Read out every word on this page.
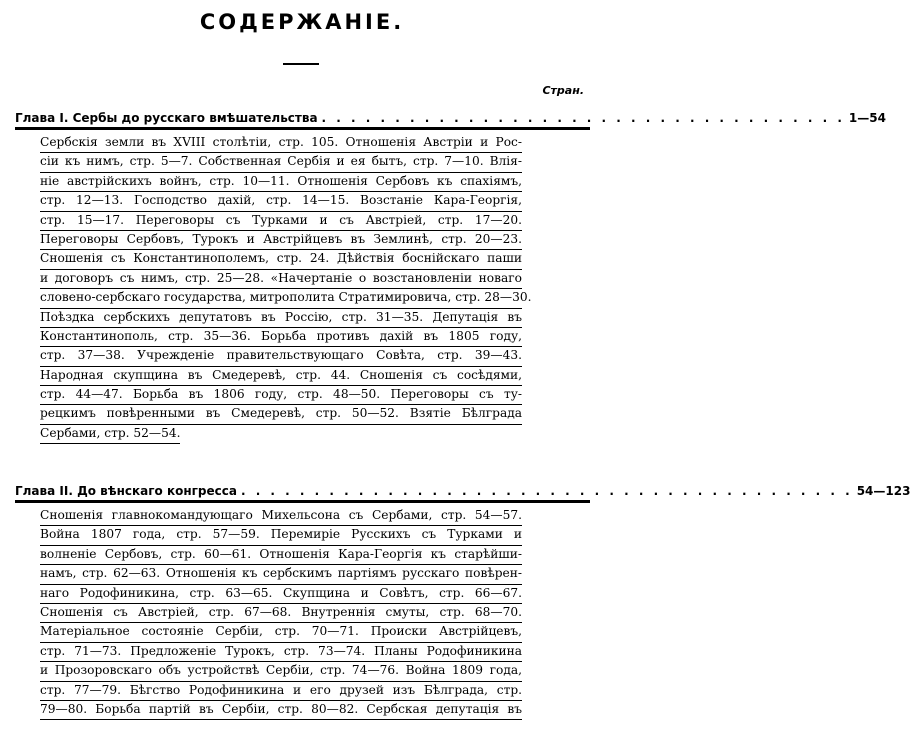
СОДЕРЖАНІЕ.
Стран.
Глава I. Сербы до русскаго вмѣшательства . . . . . . . . . . . . . . . . . . . . . . . . . . . . . . . . . . . . 1—54
Сербскія земли въ XVIII столѣтіи, стр. 105. Отношенія Австріи и Рос-
сіи къ нимъ, стр. 5—7. Собственная Сербія и ея бытъ, стр. 7—10. Влія-
ніе австрійскихъ войнъ, стр. 10—11. Отношенія Сербовъ къ спахіямъ,
стр. 12—13. Господство дахій, стр. 14—15. Возстаніе Кара-Георгія,
стр. 15—17. Переговоры съ Турками и съ Австріей, стр. 17—20.
Переговоры Сербовъ, Турокъ и Австрійцевъ въ Землинѣ, стр. 20—23.
Сношенія съ Константинополемъ, стр. 24. Дѣйствія боснійскаго паши
и договоръ съ нимъ, стр. 25—28. «Начертаніе о возстановленіи новаго
словено-сербскаго государства, митрополита Стратимировича, стр. 28—30.
Поѣздка сербскихъ депутатовъ въ Россію, стр. 31—35. Депутація въ
Константинополь, стр. 35—36. Борьба противъ дахій въ 1805 году,
стр. 37—38. Учрежденіе правительствующаго Совѣта, стр. 39—43.
Народная скупщина въ Смедеревѣ, стр. 44. Сношенія съ сосѣдями,
стр. 44—47. Борьба въ 1806 году, стр. 48—50. Переговоры съ ту-
рецкимъ повѣренными въ Смедеревѣ, стр. 50—52. Взятіе Бѣлграда
Сербами, стр. 52—54.
Глава II. До вѣнскаго конгресса . . . . . . . . . . . . . . . . . . . . . . . . . . . . . . . . . . . . . . . . . . 54—123
Сношенія главнокомандующаго Михельсона съ Сербами, стр. 54—57.
Война 1807 года, стр. 57—59. Перемиріе Русскихъ съ Турками и
волненіе Сербовъ, стр. 60—61. Отношенія Кара-Георгія къ старѣйши-
намъ, стр. 62—63. Отношенія къ сербскимъ партіямъ русскаго повѣрен-
наго Родофиникина, стр. 63—65. Скупщина и Совѣтъ, стр. 66—67.
Сношенія съ Австріей, стр. 67—68. Внутреннія смуты, стр. 68—70.
Матеріальное состояніе Сербіи, стр. 70—71. Происки Австрійцевъ,
стр. 71—73. Предложеніе Турокъ, стр. 73—74. Планы Родофиникина
и Прозоровскаго объ устройствѣ Сербіи, стр. 74—76. Война 1809 года,
стр. 77—79. Бѣгство Родофиникина и его друзей изъ Бѣлграда, стр.
79—80. Борьба партій въ Сербіи, стр. 80—82. Сербская депутація въ
